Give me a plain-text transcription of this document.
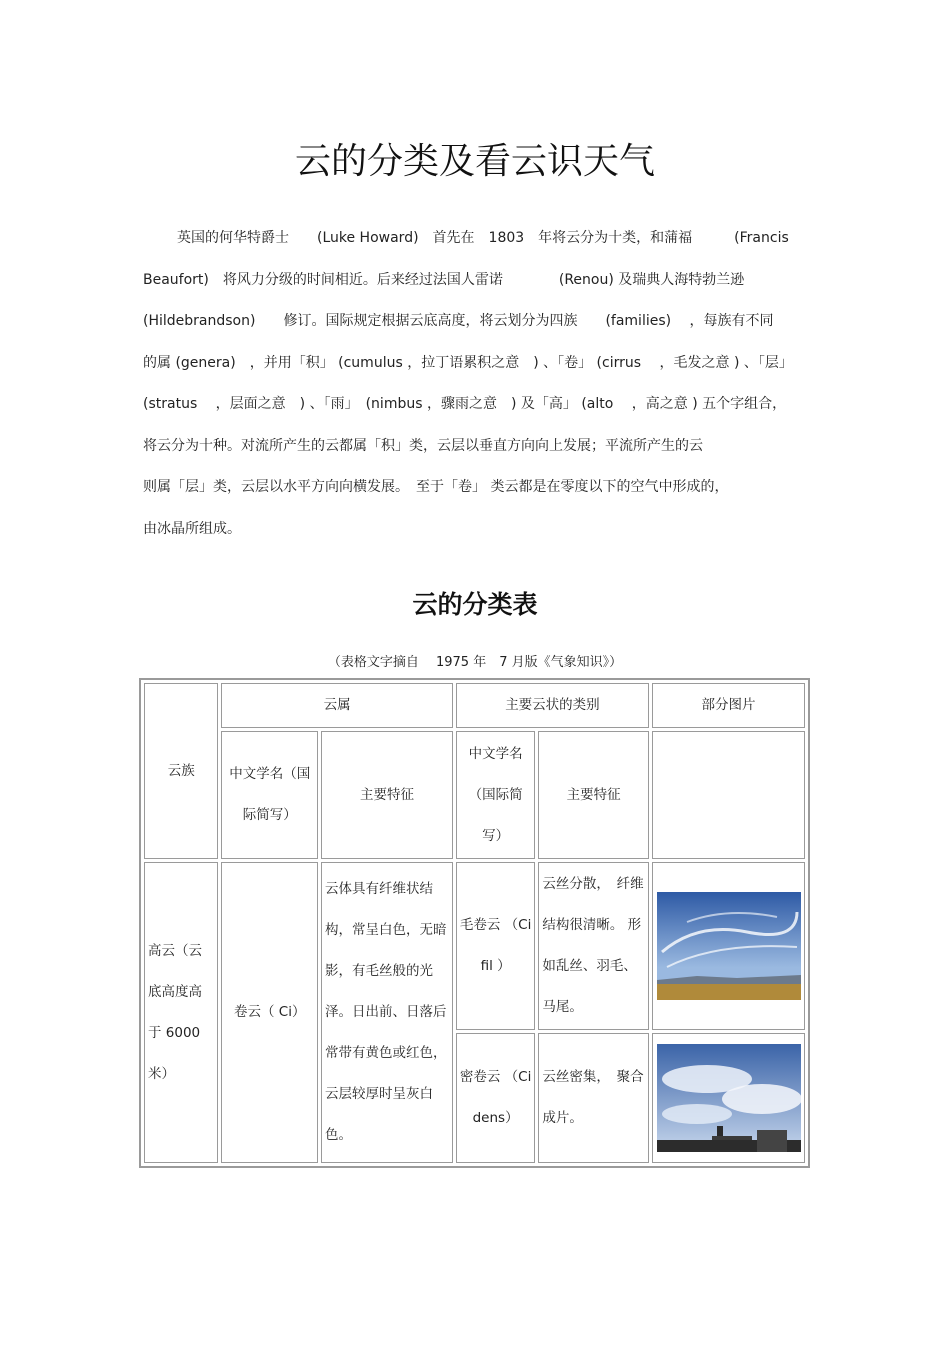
云的分类及看云识天气
英国的何华特爵士　　(Luke Howard)　首先在　1803　年将云分为十类，和蒲福　　　(Francis
Beaufort)　将风力分级的时间相近。后来经过法国人雷诺　　　　(Renou) 及瑞典人海特勃兰逊
(Hildebrandson)　　修订。国际规定根据云底高度，将云划分为四族　　(families)　 ，每族有不同
的属 (genera)　，并用「积」 (cumulus ，拉丁语累积之意　) 、「卷」 (cirrus　 ，毛发之意 ) 、「层」
(stratus　 ，层面之意　) 、「雨」　(nimbus ，骤雨之意　) 及「高」 (alto　 ，高之意 ) 五个字组合，
将云分为十种。对流所产生的云都属「积」类，云层以垂直方向向上发展；平流所产生的云
则属「层」类，云层以水平方向向横发展。　至于「卷」 类云都是在零度以下的空气中形成的，
由冰晶所组成。
云的分类表
（表格文字摘自　 1975 年　7 月版《气象知识》）
云族	云属		主要云状的类别		部分图片
	中文学名（国际简写）	主要特征	中文学名（国际简写）	主要特征	
高云（云底高度高于 6000 米）	卷云（ Ci）	云体具有纤维状结构，常呈白色，无暗影，有毛丝般的光泽。日出前、日落后常带有黄色或红色，云层较厚时呈灰白色。	毛卷云 （Ci fil ）	云丝分散，　纤维结构很清晰。 形如乱丝、羽毛、马尾。	

			密卷云 （Ci dens）	云丝密集，　聚合成片。	
